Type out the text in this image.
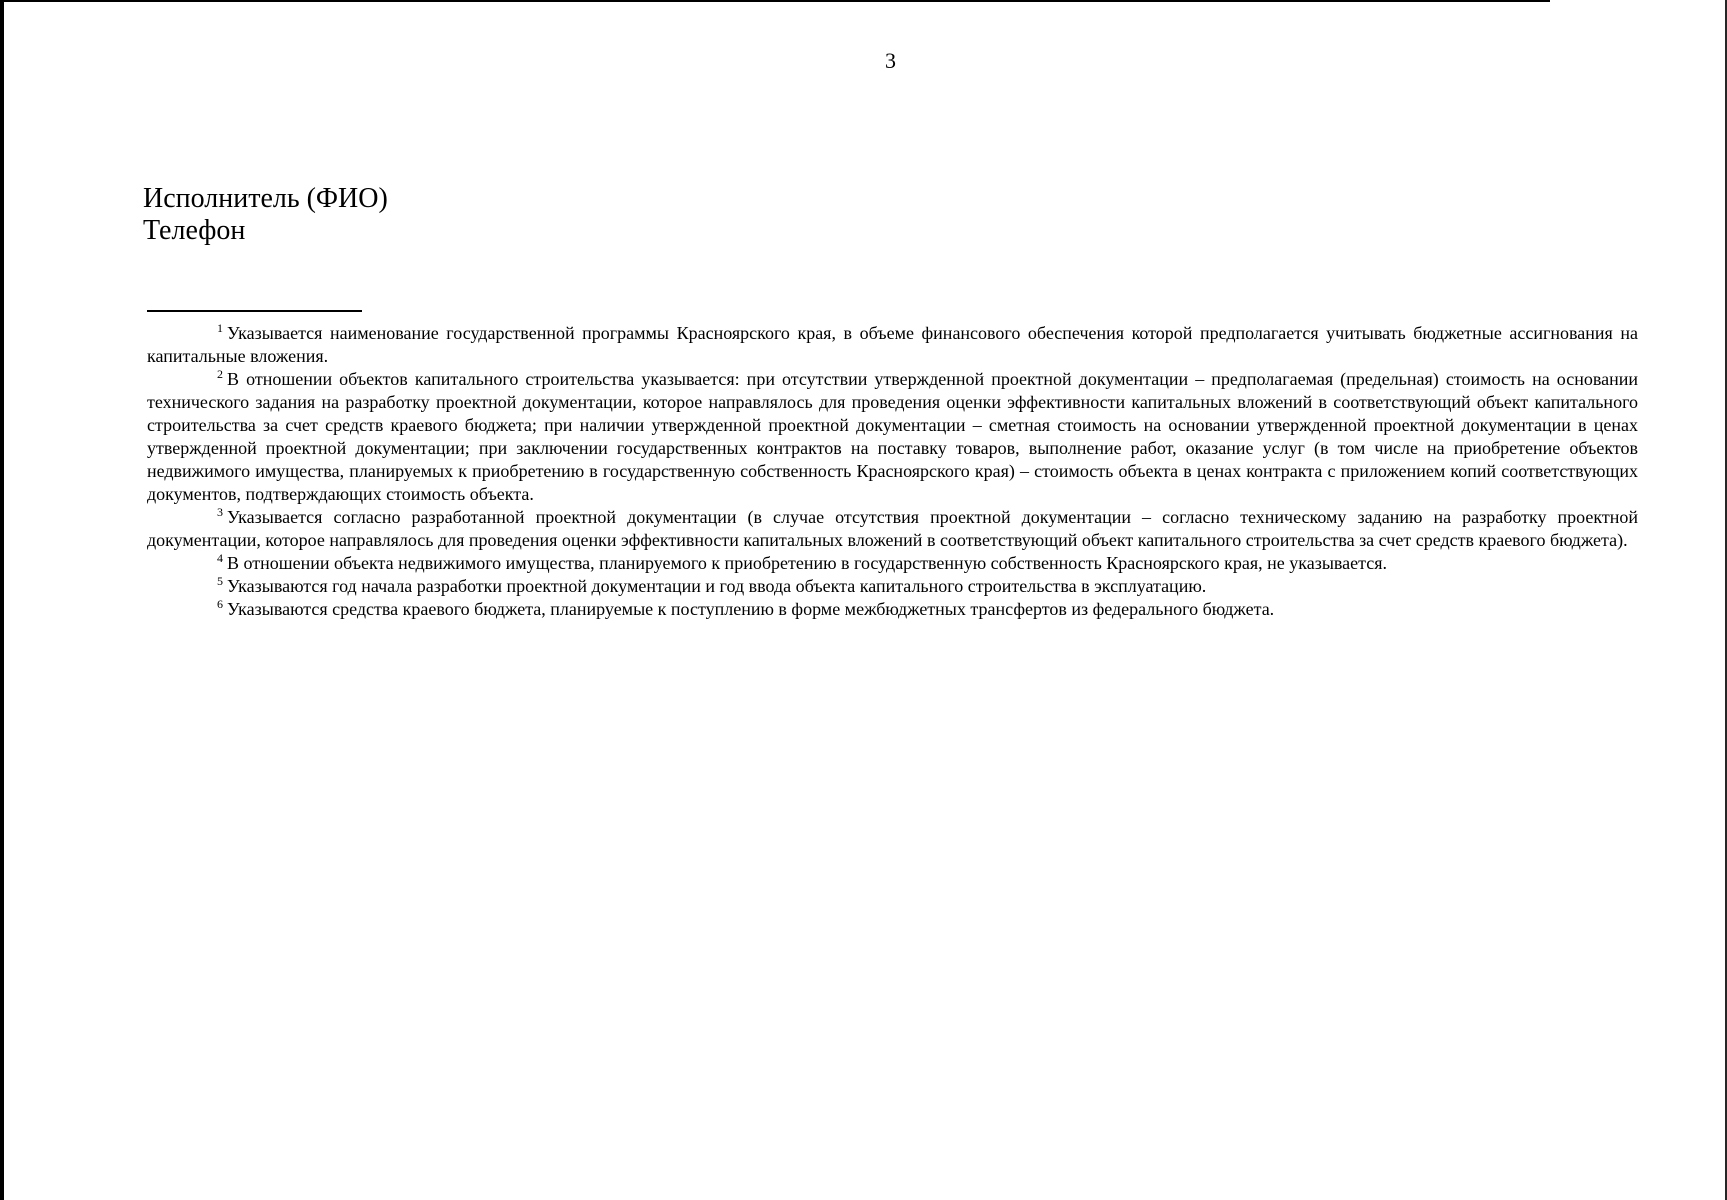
3
Исполнитель (ФИО)
Телефон

$^1$ Указывается наименование государственной программы Красноярского края, в объеме финансового обеспечения которой предполагается учитывать бюджетные ассигнования на капитальные вложения.

$^2$ В отношении объектов капитального строительства указывается: при отсутствии утвержденной проектной документации – предполагаемая (предельная) стоимость на основании технического задания на разработку проектной документации, которое направлялось для проведения оценки эффективности капитальных вложений в соответствующий объект капитального строительства за счет средств краевого бюджета; при наличии утвержденной проектной документации – сметная стоимость на основании утвержденной проектной документации в ценах утвержденной проектной документации; при заключении государственных контрактов на поставку товаров, выполнение работ, оказание услуг (в том числе на приобретение объектов недвижимого имущества, планируемых к приобретению в государственную собственность Красноярского края) – стоимость объекта в ценах контракта с приложением копий соответствующих документов, подтверждающих стоимость объекта.

$^3$ Указывается согласно разработанной проектной документации (в случае отсутствия проектной документации – согласно техническому заданию на разработку проектной документации, которое направлялось для проведения оценки эффективности капитальных вложений в соответствующий объект капитального строительства за счет средств краевого бюджета).

$^4$ В отношении объекта недвижимого имущества, планируемого к приобретению в государственную собственность Красноярского края, не указывается.

$^5$ Указываются год начала разработки проектной документации и год ввода объекта капитального строительства в эксплуатацию.

$^6$ Указываются средства краевого бюджета, планируемые к поступлению в форме межбюджетных трансфертов из федерального бюджета.
